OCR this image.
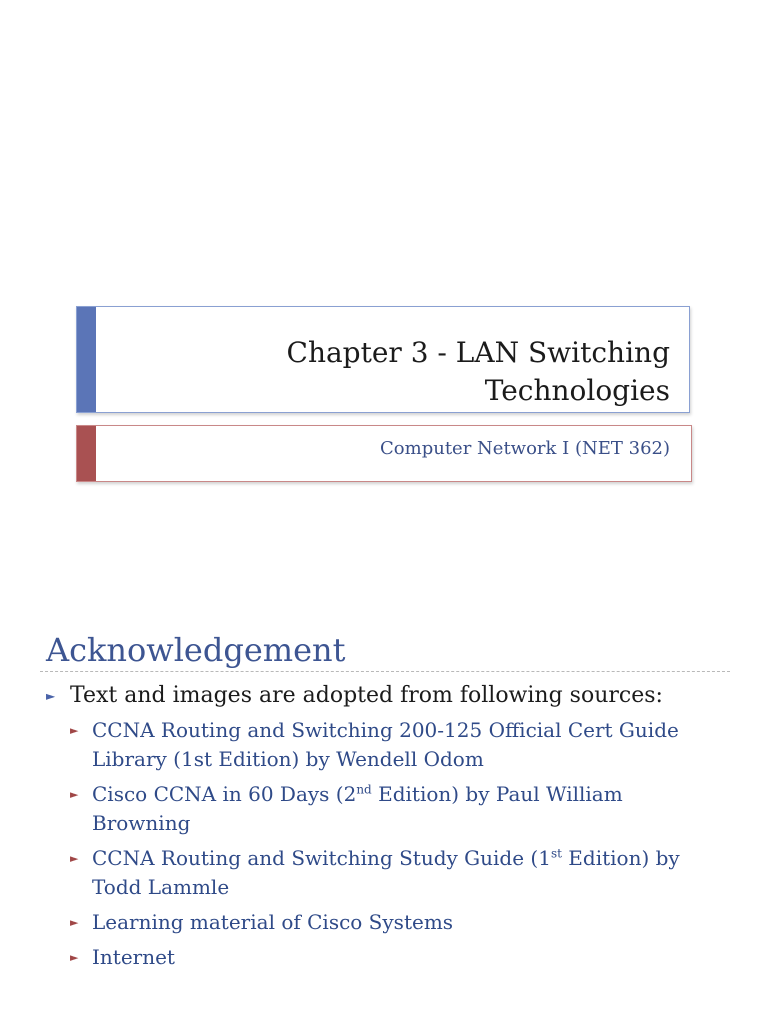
Chapter 3 - LAN Switching Technologies
Computer Network I (NET 362)
Acknowledgement
► Text and images are adopted from following sources:
► CCNA Routing and Switching 200-125 Official Cert Guide Library (1st Edition) by Wendell Odom
► Cisco CCNA in 60 Days (2nd Edition) by Paul William Browning
► CCNA Routing and Switching Study Guide (1st Edition) by Todd Lammle
► Learning material of Cisco Systems
► Internet
